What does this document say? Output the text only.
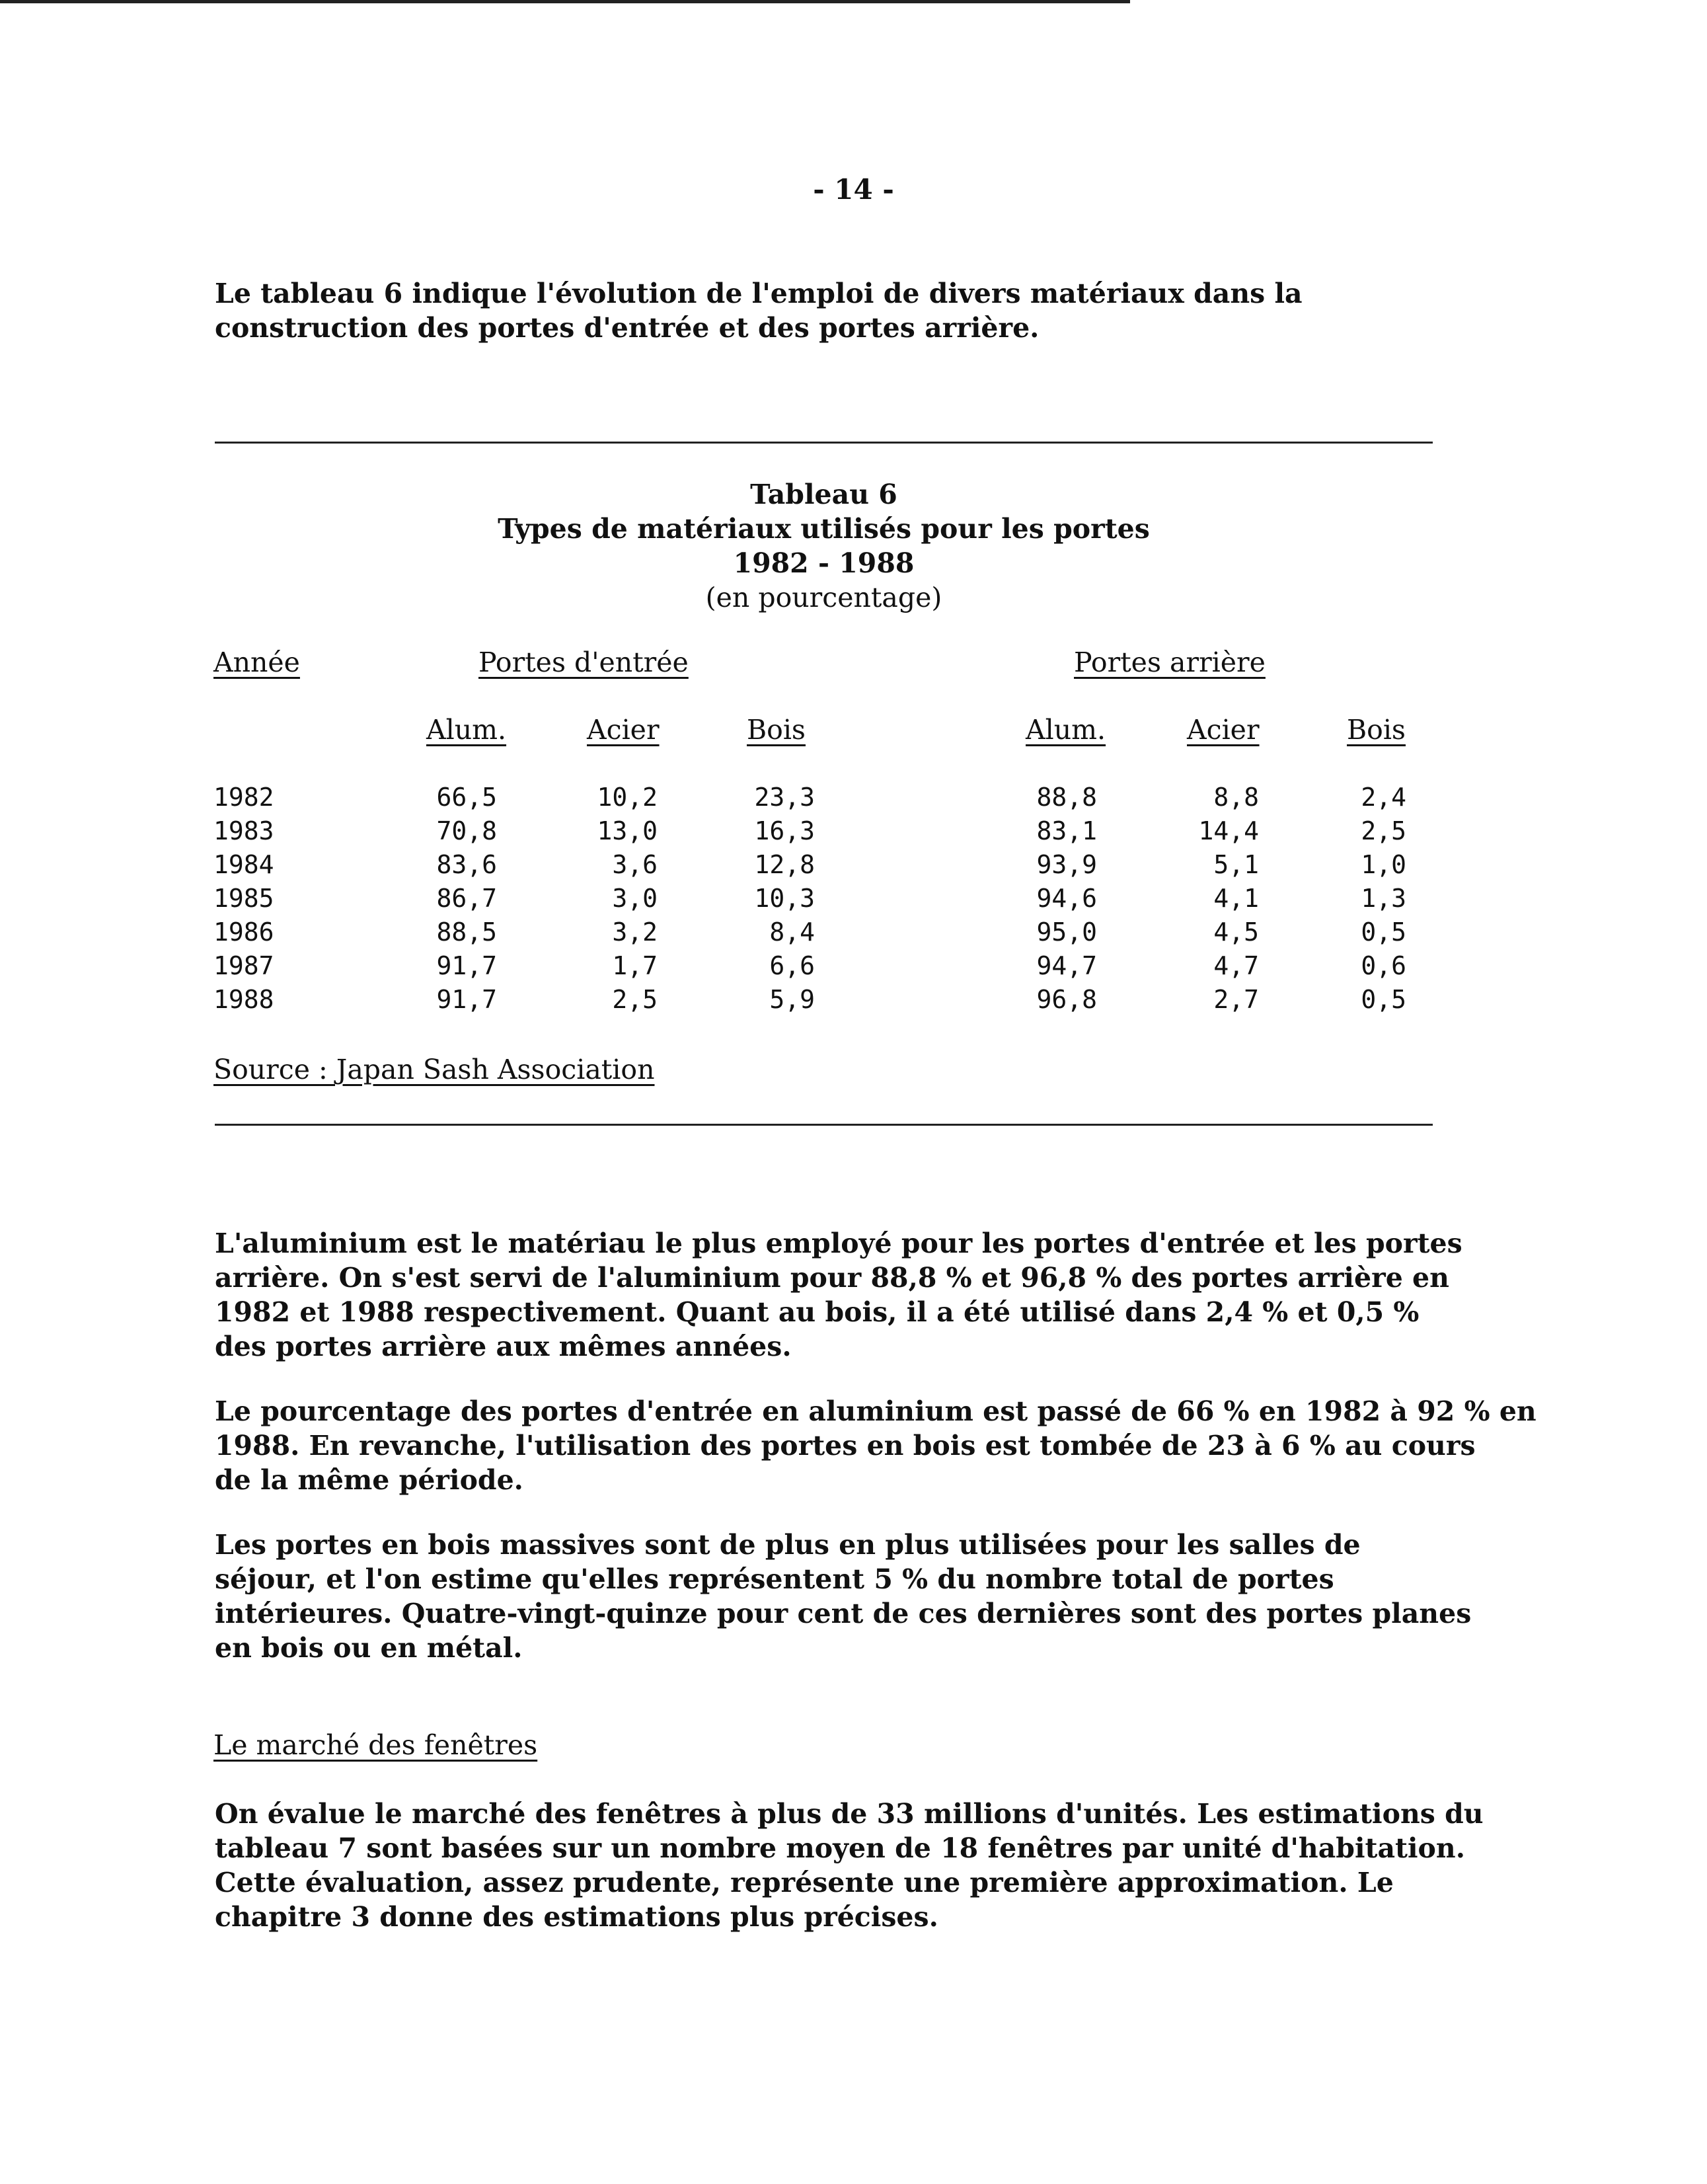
- 14 -

Le tableau 6 indique l'évolution de l'emploi de divers matériaux dans la
construction des portes d'entrée et des portes arrière.

Tableau 6
Types de matériaux utilisés pour les portes
1982 - 1988
(en pourcentage)
Année	Portes d'entrée	Portes arrière
Alum.	Acier	Bois	Alum.	Acier	Bois
1982	66,5	10,2	23,3	88,8	8,8	2,4
1983	70,8	13,0	16,3	83,1	14,4	2,5
1984	83,6	3,6	12,8	93,9	5,1	1,0
1985	86,7	3,0	10,3	94,6	4,1	1,3
1986	88,5	3,2	8,4	95,0	4,5	0,5
1987	91,7	1,7	6,6	94,7	4,7	0,6
1988	91,7	2,5	5,9	96,8	2,7	0,5
Source : Japan Sash Association

L'aluminium est le matériau le plus employé pour les portes d'entrée et les portes
arrière. On s'est servi de l'aluminium pour 88,8 % et 96,8 % des portes arrière en
1982 et 1988 respectivement. Quant au bois, il a été utilisé dans 2,4 % et 0,5 %
des portes arrière aux mêmes années.

Le pourcentage des portes d'entrée en aluminium est passé de 66 % en 1982 à 92 % en
1988. En revanche, l'utilisation des portes en bois est tombée de 23 à 6 % au cours
de la même période.

Les portes en bois massives sont de plus en plus utilisées pour les salles de
séjour, et l'on estime qu'elles représentent 5 % du nombre total de portes
intérieures. Quatre-vingt-quinze pour cent de ces dernières sont des portes planes
en bois ou en métal.

Le marché des fenêtres

On évalue le marché des fenêtres à plus de 33 millions d'unités. Les estimations du
tableau 7 sont basées sur un nombre moyen de 18 fenêtres par unité d'habitation.
Cette évaluation, assez prudente, représente une première approximation. Le
chapitre 3 donne des estimations plus précises.
